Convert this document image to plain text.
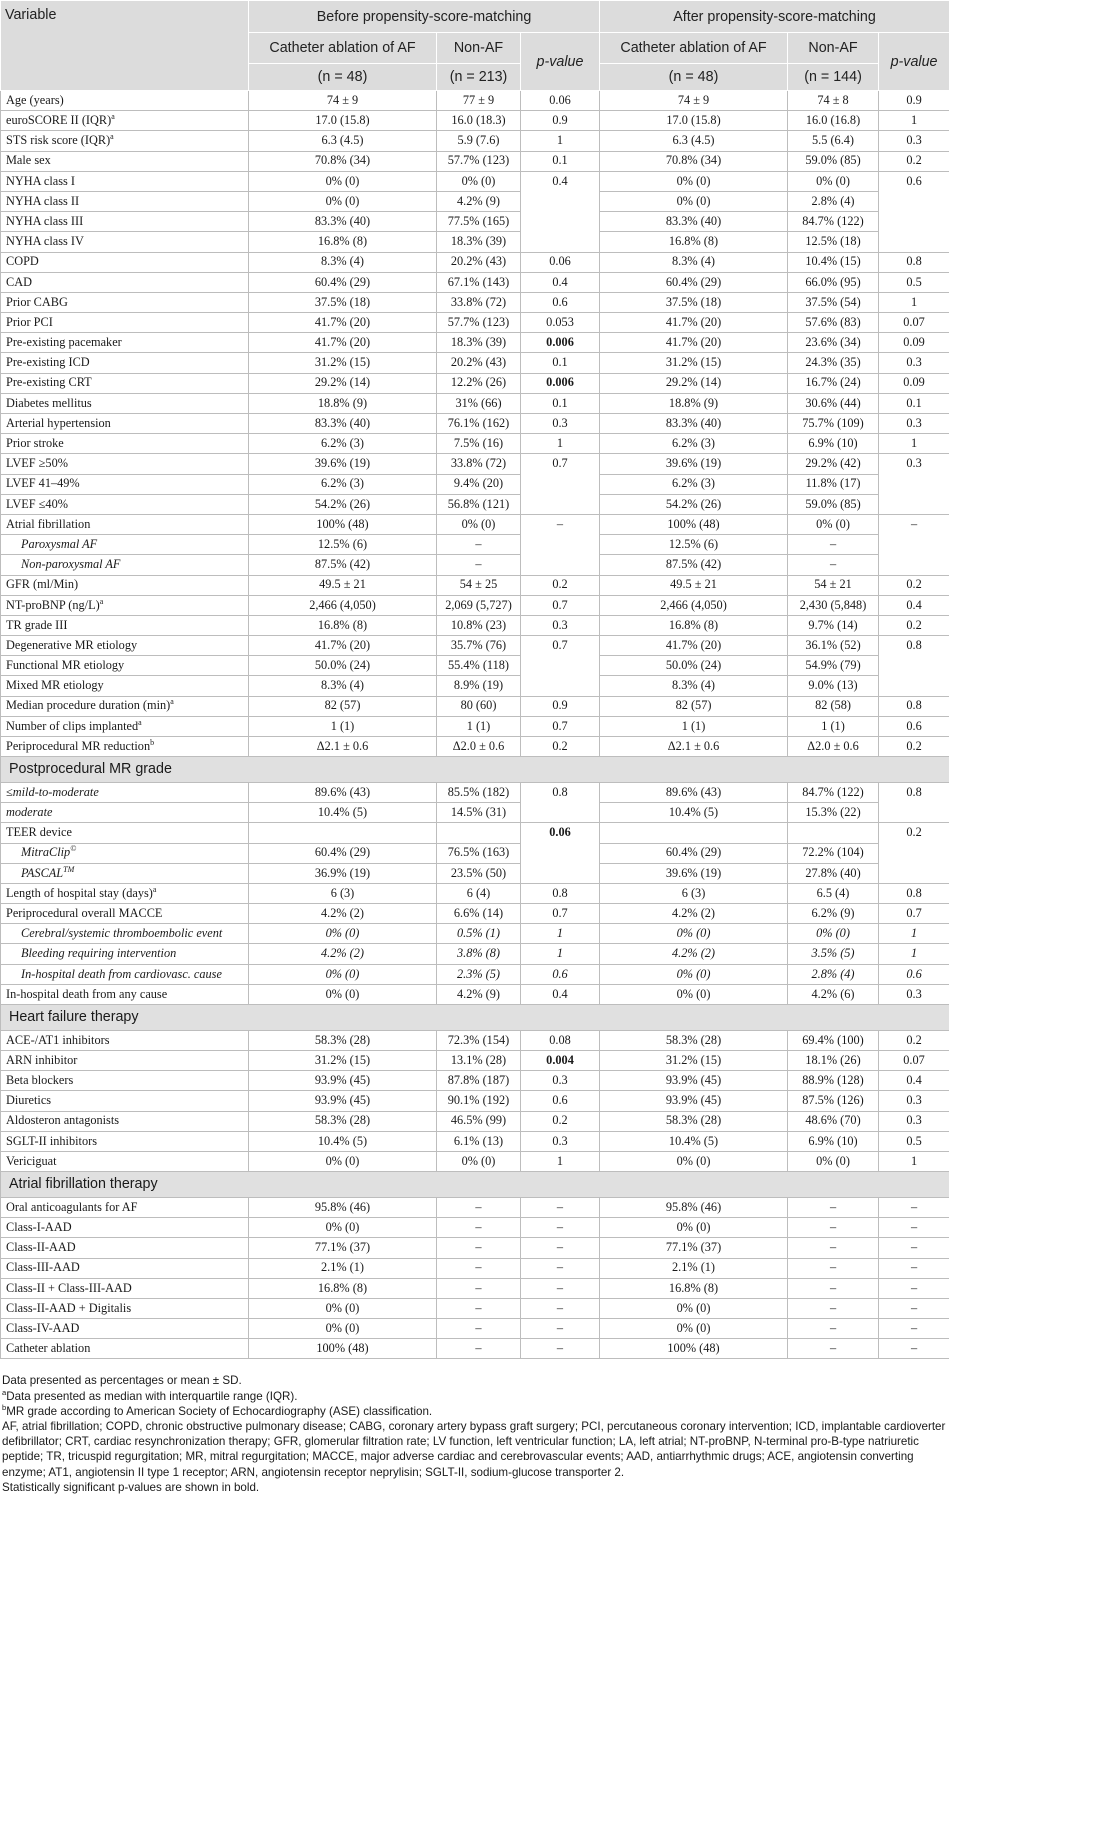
Variable	Before propensity-score-matching			After propensity-score-matching		
	Catheter ablation of AF	Non-AF	p-value	Catheter ablation of AF	Non-AF	p-value
	(n = 48)	(n = 213)		(n = 48)	(n = 144)	
Age (years)	74 ± 9	77 ± 9	0.06	74 ± 9	74 ± 8	0.9
euroSCORE II (IQR)$^a$	17.0 (15.8)	16.0 (18.3)	0.9	17.0 (15.8)	16.0 (16.8)	1
STS risk score (IQR)$^a$	6.3 (4.5)	5.9 (7.6)	1	6.3 (4.5)	5.5 (6.4)	0.3
Male sex	70.8% (34)	57.7% (123)	0.1	70.8% (34)	59.0% (85)	0.2
NYHA class I	0% (0)	0% (0)	0.4	0% (0)	0% (0)	0.6
NYHA class II	0% (0)	4.2% (9)		0% (0)	2.8% (4)	
NYHA class III	83.3% (40)	77.5% (165)		83.3% (40)	84.7% (122)	
NYHA class IV	16.8% (8)	18.3% (39)		16.8% (8)	12.5% (18)	
COPD	8.3% (4)	20.2% (43)	0.06	8.3% (4)	10.4% (15)	0.8
CAD	60.4% (29)	67.1% (143)	0.4	60.4% (29)	66.0% (95)	0.5
Prior CABG	37.5% (18)	33.8% (72)	0.6	37.5% (18)	37.5% (54)	1
Prior PCI	41.7% (20)	57.7% (123)	0.053	41.7% (20)	57.6% (83)	0.07
Pre-existing pacemaker	41.7% (20)	18.3% (39)	0.006	41.7% (20)	23.6% (34)	0.09
Pre-existing ICD	31.2% (15)	20.2% (43)	0.1	31.2% (15)	24.3% (35)	0.3
Pre-existing CRT	29.2% (14)	12.2% (26)	0.006	29.2% (14)	16.7% (24)	0.09
Diabetes mellitus	18.8% (9)	31% (66)	0.1	18.8% (9)	30.6% (44)	0.1
Arterial hypertension	83.3% (40)	76.1% (162)	0.3	83.3% (40)	75.7% (109)	0.3
Prior stroke	6.2% (3)	7.5% (16)	1	6.2% (3)	6.9% (10)	1
LVEF ≥50%	39.6% (19)	33.8% (72)	0.7	39.6% (19)	29.2% (42)	0.3
LVEF 41–49%	6.2% (3)	9.4% (20)		6.2% (3)	11.8% (17)	
LVEF ≤40%	54.2% (26)	56.8% (121)		54.2% (26)	59.0% (85)	
Atrial fibrillation	100% (48)	0% (0)	–	100% (48)	0% (0)	–
Paroxysmal AF	12.5% (6)	–		12.5% (6)	–	
Non-paroxysmal AF	87.5% (42)	–		87.5% (42)	–	
GFR (ml/Min)	49.5 ± 21	54 ± 25	0.2	49.5 ± 21	54 ± 21	0.2
NT-proBNP $(ng/L)^a$	2,466 (4,050)	2,069 (5,727)	0.7	2,466 (4,050)	2,430 (5,848)	0.4
TR grade III	16.8% (8)	10.8% (23)	0.3	16.8% (8)	9.7% (14)	0.2
Degenerative MR etiology	41.7% (20)	35.7% (76)	0.7	41.7% (20)	36.1% (52)	0.8
Functional MR etiology	50.0% (24)	55.4% (118)		50.0% (24)	54.9% (79)	
Mixed MR etiology	8.3% (4)	8.9% (19)		8.3% (4)	9.0% (13)	
Median procedure duration $(\min)^a$	82 (57)	80 (60)	0.9	82 (57)	82 (58)	0.8
Number of clips implanted$^a$	1 (1)	1 (1)	0.7	1 (1)	1 (1)	0.6
Periprocedural MR reduction$^b$	Δ2.1 ± 0.6	Δ2.0 ± 0.6	0.2	Δ2.1 ± 0.6	Δ2.0 ± 0.6	0.2
Postprocedural MR grade						
≤mild-to-moderate	89.6% (43)	85.5% (182)	0.8	89.6% (43)	84.7% (122)	0.8
moderate	10.4% (5)	14.5% (31)		10.4% (5)	15.3% (22)	
TEER device			0.06			0.2
MitraClip©	60.4% (29)	76.5% (163)		60.4% (29)	72.2% (104)	
PASCAL™	36.9% (19)	23.5% (50)		39.6% (19)	27.8% (40)	
Length of hospital stay (days)$^a$	6 (3)	6 (4)	0.8	6 (3)	6.5 (4)	0.8
Periprocedural overall MACCE	4.2% (2)	6.6% (14)	0.7	4.2% (2)	6.2% (9)	0.7
Cerebral/systemic thromboembolic event	0% (0)	0.5% (1)	1	0% (0)	0% (0)	1
Bleeding requiring intervention	4.2% (2)	3.8% (8)	1	4.2% (2)	3.5% (5)	1
In-hospital death from cardiovasc. cause	0% (0)	2.3% (5)	0.6	0% (0)	2.8% (4)	0.6
In-hospital death from any cause	0% (0)	4.2% (9)	0.4	0% (0)	4.2% (6)	0.3
Heart failure therapy						
ACE-/AT1 inhibitors	58.3% (28)	72.3% (154)	0.08	58.3% (28)	69.4% (100)	0.2
ARN inhibitor	31.2% (15)	13.1% (28)	0.004	31.2% (15)	18.1% (26)	0.07
Beta blockers	93.9% (45)	87.8% (187)	0.3	93.9% (45)	88.9% (128)	0.4
Diuretics	93.9% (45)	90.1% (192)	0.6	93.9% (45)	87.5% (126)	0.3
Aldosteron antagonists	58.3% (28)	46.5% (99)	0.2	58.3% (28)	48.6% (70)	0.3
SGLT-II inhibitors	10.4% (5)	6.1% (13)	0.3	10.4% (5)	6.9% (10)	0.5
Vericiguat	0% (0)	0% (0)	1	0% (0)	0% (0)	1
Atrial fibrillation therapy						
Oral anticoagulants for AF	95.8% (46)	–	–	95.8% (46)	–	–
Class-I-AAD	0% (0)	–	–	0% (0)	–	–
Class-II-AAD	77.1% (37)	–	–	77.1% (37)	–	–
Class-III-AAD	2.1% (1)	–	–	2.1% (1)	–	–
Class-II + Class-III-AAD	16.8% (8)	–	–	16.8% (8)	–	–
Class-II-AAD + Digitalis	0% (0)	–	–	0% (0)	–	–
Class-IV-AAD	0% (0)	–	–	0% (0)	–	–
Catheter ablation	100% (48)	–	–	100% (48)	–	–

Data presented as percentages or mean ± SD.

$^a$Data presented as median with interquartile range (IQR).

$^b$MR grade according to American Society of Echocardiography (ASE) classification.

AF, atrial fibrillation; COPD, chronic obstructive pulmonary disease; CABG, coronary artery bypass graft surgery; PCI, percutaneous coronary intervention; ICD, implantable cardioverter defibrillator; CRT, cardiac resynchronization therapy; GFR, glomerular filtration rate; LV function, left ventricular function; LA, left atrial; NT-proBNP, N-terminal pro-B-type natriuretic peptide; TR, tricuspid regurgitation; MR, mitral regurgitation; MACCE, major adverse cardiac and cerebrovascular events; AAD, antiarrhythmic drugs; ACE, angiotensin converting enzyme; AT1, angiotensin II type 1 receptor; ARN, angiotensin receptor neprylisin; SGLT-II, sodium-glucose transporter 2.

Statistically significant p-values are shown in bold.
